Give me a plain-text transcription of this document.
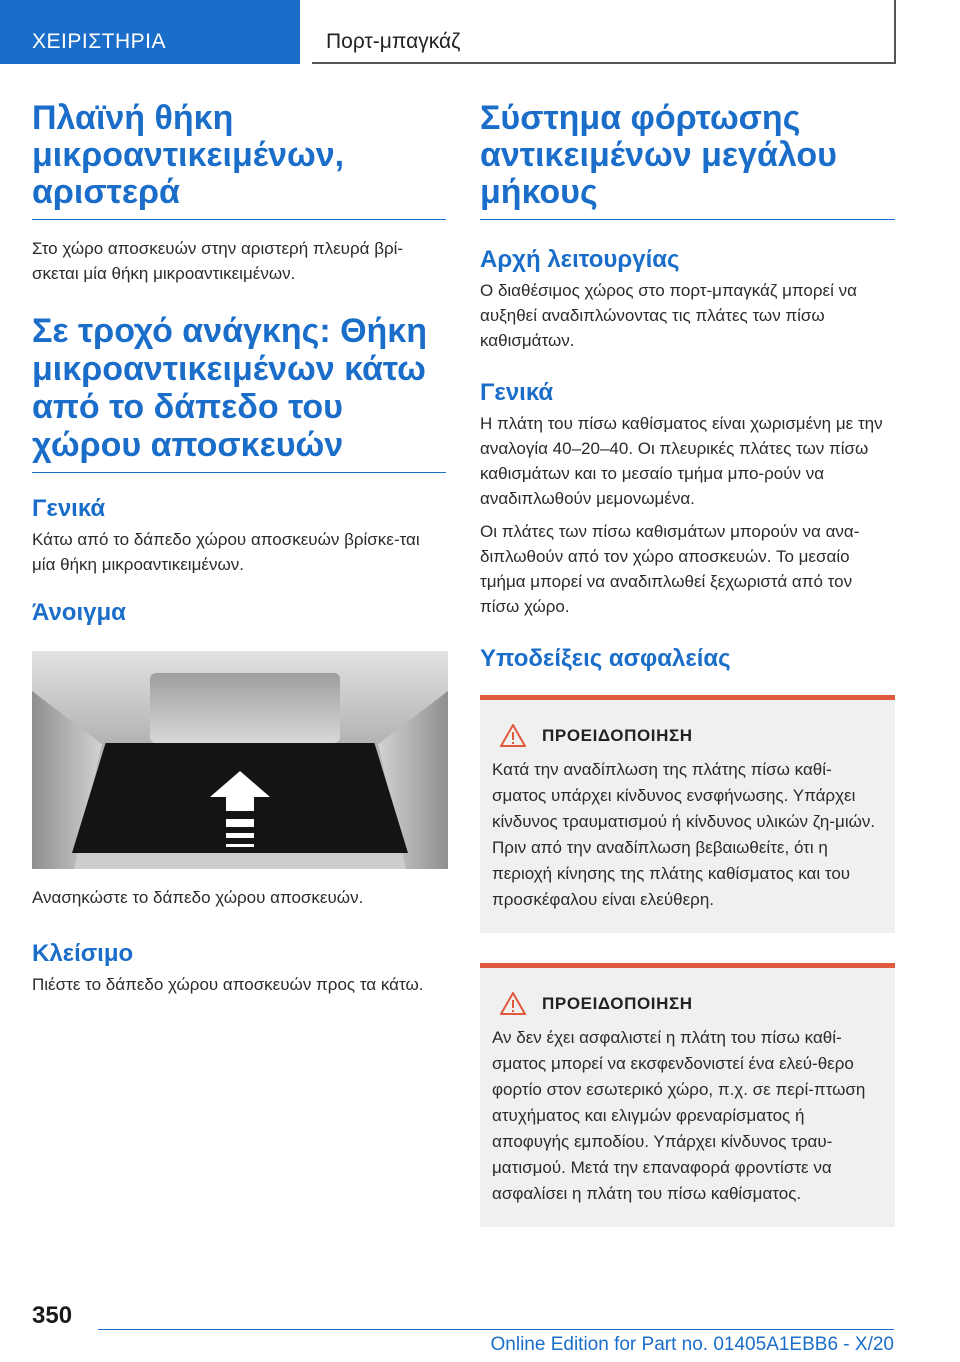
ΧΕΙΡΙΣΤΗΡΙΑ	Πορτ-μπαγκάζ
Πλαϊνή θήκη μικροαντικειμένων, αριστερά

Στο χώρο αποσκευών στην αριστερή πλευρά βρί-σκεται μία θήκη μικροαντικειμένων.

Σε τροχό ανάγκης: Θήκη μικροαντικειμένων κάτω από το δάπεδο του χώρου αποσκευών
Γενικά

Κάτω από το δάπεδο χώρου αποσκευών βρίσκε-ται μία θήκη μικροαντικειμένων.

Άνοιγμα

Ανασηκώστε το δάπεδο χώρου αποσκευών.

Κλείσιμο

Πιέστε το δάπεδο χώρου αποσκευών προς τα κάτω.

Σύστημα φόρτωσης αντικειμένων μεγάλου μήκους
Αρχή λειτουργίας

Ο διαθέσιμος χώρος στο πορτ-μπαγκάζ μπορεί να αυξηθεί αναδιπλώνοντας τις πλάτες των πίσω καθισμάτων.

Γενικά

Η πλάτη του πίσω καθίσματος είναι χωρισμένη με την αναλογία 40–20–40. Οι πλευρικές πλάτες των πίσω καθισμάτων και το μεσαίο τμήμα μπο-ρούν να αναδιπλωθούν μεμονωμένα.

Οι πλάτες των πίσω καθισμάτων μπορούν να ανα-διπλωθούν από τον χώρο αποσκευών. Το μεσαίο τμήμα μπορεί να αναδιπλωθεί ξεχωριστά από τον πίσω χώρο.

Υποδείξεις ασφαλείας
ΠΡΟΕΙΔΟΠΟΙΗΣΗ

Κατά την αναδίπλωση της πλάτης πίσω καθί-σματος υπάρχει κίνδυνος ενσφήνωσης. Υπάρχει κίνδυνος τραυματισμού ή κίνδυνος υλικών ζη-μιών. Πριν από την αναδίπλωση βεβαιωθείτε, ότι η περιοχή κίνησης της πλάτης καθίσματος και του προσκέφαλου είναι ελεύθερη.

ΠΡΟΕΙΔΟΠΟΙΗΣΗ

Αν δεν έχει ασφαλιστεί η πλάτη του πίσω καθί-σματος μπορεί να εκσφενδονιστεί ένα ελεύ-θερο φορτίο στον εσωτερικό χώρο, π.χ. σε περί-πτωση ατυχήματος και ελιγμών φρεναρίσματος ή αποφυγής εμποδίου. Υπάρχει κίνδυνος τραυ-ματισμού. Μετά την επαναφορά φροντίστε να ασφαλίσει η πλάτη του πίσω καθίσματος.

350
Online Edition for Part no. 01405A1EBB6 - X/20
